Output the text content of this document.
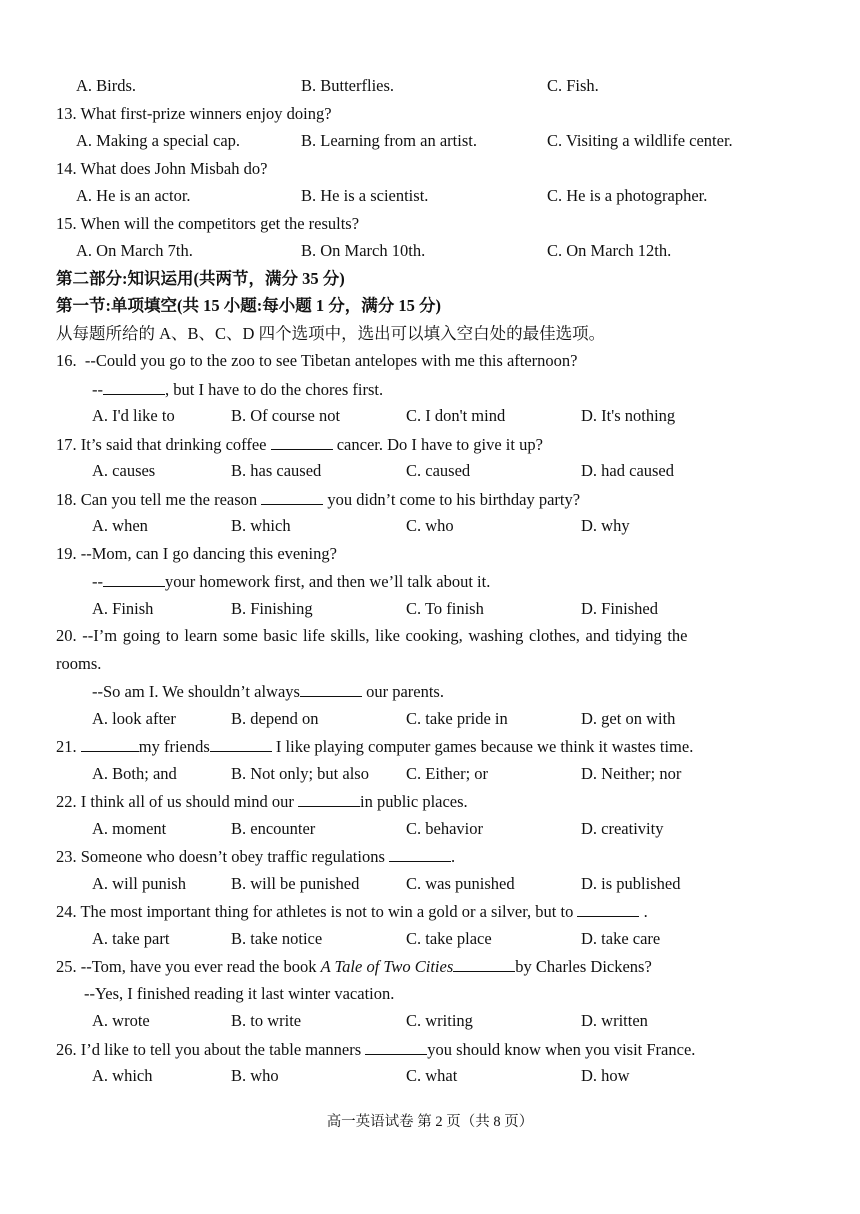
A. Birds.	B. Butterflies.	C. Fish.
13. What first-prize winners enjoy doing?
A. Making a special cap.	B. Learning from an artist.	C. Visiting a wildlife center.
14. What does John Misbah do?
A. He is an actor.	B. He is a scientist.	C. He is a photographer.
15. When will the competitors get the results?
A. On March 7th.	B. On March 10th.	C. On March 12th.
第二部分:知识运用(共两节，满分 35 分)
第一节:单项填空(共 15 小题:每小题 1 分，满分 15 分)
从每题所给的 A、B、C、D 四个选项中，选出可以填入空白处的最佳选项。
16.  --Could you go to the zoo to see Tibetan antelopes with me this afternoon?
--	, but I have to do the chores first.
A. I'd like to	B. Of course not	C. I don't mind	D. It's nothing
17. It’s said that drinking coffee	cancer. Do I have to give it up?
A. causes	B. has caused	C. caused	D. had caused
18. Can you tell me the reason	you didn’t come to his birthday party?
A. when	B. which	C. who	D. why
19. --Mom, can I go dancing this evening?
--	your homework first, and then we’ll talk about it.
A. Finish	B. Finishing	C. To finish	D. Finished
20. --I’m going to learn some basic life skills, like cooking, washing clothes, and tidying the
rooms.
--So am I. We shouldn’t always	our parents.
A. look after	B. depend on	C. take pride in	D. get on with
21.	my friends	I like playing computer games because we think it wastes time.
A. Both; and	B. Not only; but also C. Either; or	D. Neither; nor
22. I think all of us should mind our	in public places.
A. moment	B. encounter	C. behavior	D. creativity
23. Someone who doesn’t obey traffic regulations	.
A. will punish	B. will be punished	C. was punished	D. is published
24. The most important thing for athletes is not to win a gold or a silver, but to	.
A. take part	B. take notice	C. take place	D. take care
25. --Tom, have you ever read the book A Tale of Two Cities	by Charles Dickens?
--Yes, I finished reading it last winter vacation.
A. wrote	B. to write	C. writing	D. written
26. I’d like to tell you about the table manners	you should know when you visit France.
A. which	B. who	C. what	D. how
高一英语试卷 第 2 页（共 8 页）
